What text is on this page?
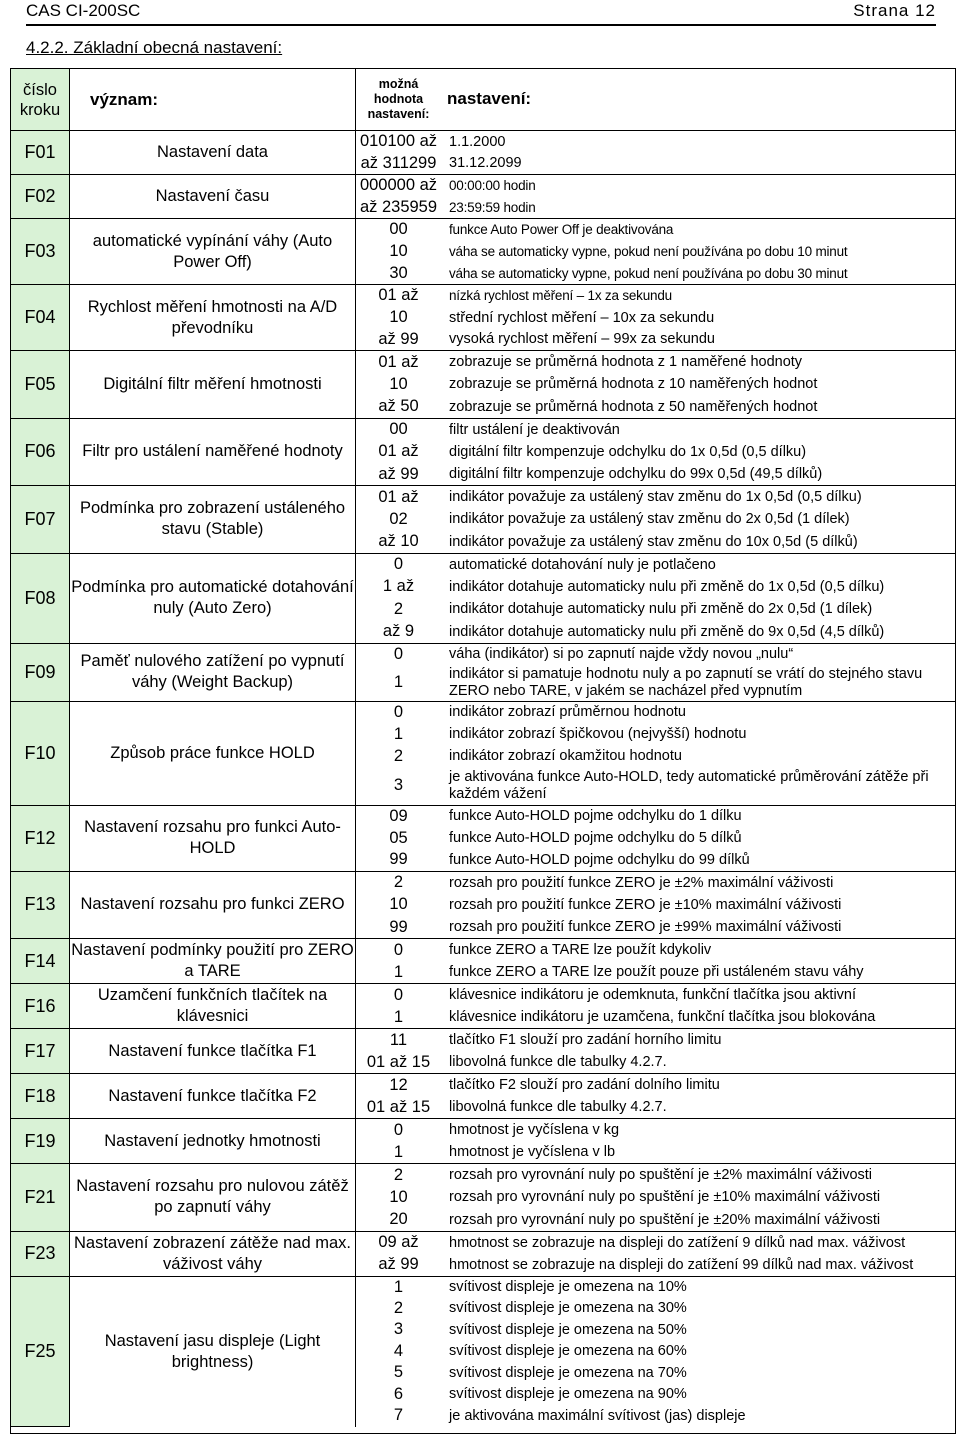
CAS CI-200SC	Strana 12
4.2.2. Základní obecná nastavení:
číslo kroku	význam:	možná hodnota nastavení:	nastavení:
F01	Nastavení data	010100 až	1.1.2000
		až 311299	31.12.2099
F02	Nastavení času	000000 až	00:00:00 hodin
		až 235959	23:59:59 hodin
F03	automatické vypínání váhy (Auto Power Off)	00	funkce Auto Power Off je deaktivována
		10	váha se automaticky vypne, pokud není používána po dobu 10 minut
		30	váha se automaticky vypne, pokud není používána po dobu 30 minut
F04	Rychlost měření hmotnosti na A/D převodníku	01 až	nízká rychlost měření – 1x za sekundu
		10	střední rychlost měření – 10x za sekundu
		až 99	vysoká rychlost měření – 99x za sekundu
F05	Digitální filtr měření hmotnosti	01 až	zobrazuje se průměrná hodnota z 1 naměřené hodnoty
		10	zobrazuje se průměrná hodnota z 10 naměřených hodnot
		až 50	zobrazuje se průměrná hodnota z 50 naměřených hodnot
F06	Filtr pro ustálení naměřené hodnoty	00	filtr ustálení je deaktivován
		01 až	digitální filtr kompenzuje odchylku do 1x 0,5d (0,5 dílku)
		až 99	digitální filtr kompenzuje odchylku do 99x 0,5d (49,5 dílků)
F07	Podmínka pro zobrazení ustáleného stavu (Stable)	01 až	indikátor považuje za ustálený stav změnu do 1x 0,5d (0,5 dílku)
		02	indikátor považuje za ustálený stav změnu do 2x 0,5d (1 dílek)
		až 10	indikátor považuje za ustálený stav změnu do 10x 0,5d (5 dílků)
F08	Podmínka pro automatické dotahování nuly (Auto Zero)	0	automatické dotahování nuly je potlačeno
		1 až	indikátor dotahuje automaticky nulu při změně do 1x 0,5d (0,5 dílku)
		2	indikátor dotahuje automaticky nulu při změně do 2x 0,5d (1 dílek)
		až 9	indikátor dotahuje automaticky nulu při změně do 9x 0,5d (4,5 dílků)
F09	Paměť nulového zatížení po vypnutí váhy (Weight Backup)	0	váha (indikátor) si po zapnutí najde vždy novou „nulu“
		1	indikátor si pamatuje hodnotu nuly a po zapnutí se vrátí do stejného stavu ZERO nebo TARE, v jakém se nacházel před vypnutím
F10	Způsob práce funkce HOLD	0	indikátor zobrazí průměrnou hodnotu
		1	indikátor zobrazí špičkovou (nejvyšší) hodnotu
		2	indikátor zobrazí okamžitou hodnotu
		3	je aktivována funkce Auto-HOLD, tedy automatické průměrování zátěže při každém vážení
F12	Nastavení rozsahu pro funkci Auto-HOLD	09	funkce Auto-HOLD pojme odchylku do 1 dílku
		05	funkce Auto-HOLD pojme odchylku do 5 dílků
		99	funkce Auto-HOLD pojme odchylku do 99 dílků
F13	Nastavení rozsahu pro funkci ZERO	2	rozsah pro použití funkce ZERO je ±2% maximální váživosti
		10	rozsah pro použití funkce ZERO je ±10% maximální váživosti
		99	rozsah pro použití funkce ZERO je ±99% maximální váživosti
F14	Nastavení podmínky použití pro ZERO a TARE	0	funkce ZERO a TARE lze použít kdykoliv
		1	funkce ZERO a TARE lze použít pouze při ustáleném stavu váhy
F16	Uzamčení funkčních tlačítek na klávesnici	0	klávesnice indikátoru je odemknuta, funkční tlačítka jsou aktivní
		1	klávesnice indikátoru je uzamčena, funkční tlačítka jsou blokována
F17	Nastavení funkce tlačítka F1	11	tlačítko F1 slouží pro zadání horního limitu
		01 až 15	libovolná funkce dle tabulky 4.2.7.
F18	Nastavení funkce tlačítka F2	12	tlačítko F2 slouží pro zadání dolního limitu
		01 až 15	libovolná funkce dle tabulky 4.2.7.
F19	Nastavení jednotky hmotnosti	0	hmotnost je vyčíslena v kg
		1	hmotnost je vyčíslena v lb
F21	Nastavení rozsahu pro nulovou zátěž po zapnutí váhy	2	rozsah pro vyrovnání nuly po spuštění je ±2% maximální váživosti
		10	rozsah pro vyrovnání nuly po spuštění je ±10% maximální váživosti
		20	rozsah pro vyrovnání nuly po spuštění je ±20% maximální váživosti
F23	Nastavení zobrazení zátěže nad max. váživost váhy	09 až	hmotnost se zobrazuje na displeji do zatížení 9 dílků nad max. váživost
		až 99	hmotnost se zobrazuje na displeji do zatížení 99 dílků nad max. váživost
F25	Nastavení jasu displeje (Light brightness)	1	svítivost displeje je omezena na 10%
		2	svítivost displeje je omezena na 30%
		3	svítivost displeje je omezena na 50%
		4	svítivost displeje je omezena na 60%
		5	svítivost displeje je omezena na 70%
		6	svítivost displeje je omezena na 90%
		7	je aktivována maximální svítivost (jas) displeje
